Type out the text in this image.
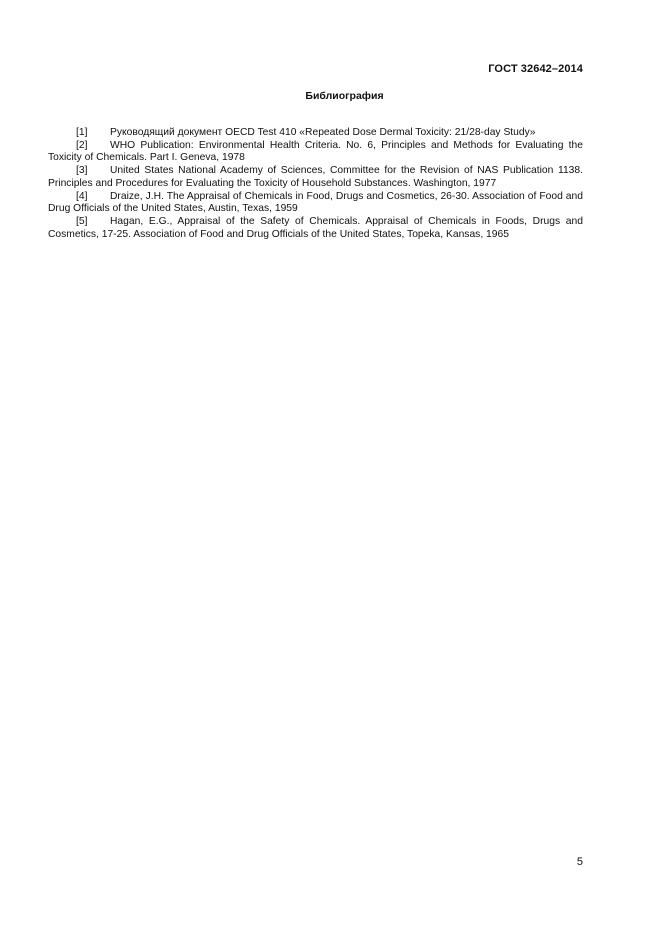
ГОСТ 32642–2014
Библиография

[1] Руководящий документ OECD Test 410 «Repeated Dose Dermal Toxicity: 21/28-day Study»

[2] WHO Publication: Environmental Health Criteria. No. 6, Principles and Methods for Evaluating the Toxicity of Chemicals. Part I. Geneva, 1978

[3] United States National Academy of Sciences, Committee for the Revision of NAS Publication 1138. Principles and Procedures for Evaluating the Toxicity of Household Substances. Washington, 1977

[4] Draize, J.H. The Appraisal of Chemicals in Food, Drugs and Cosmetics, 26-30. Association of Food and Drug Officials of the United States, Austin, Texas, 1959

[5] Hagan, E.G., Appraisal of the Safety of Chemicals. Appraisal of Chemicals in Foods, Drugs and Cosmetics, 17-25. Association of Food and Drug Officials of the United States, Topeka, Kansas, 1965

5
